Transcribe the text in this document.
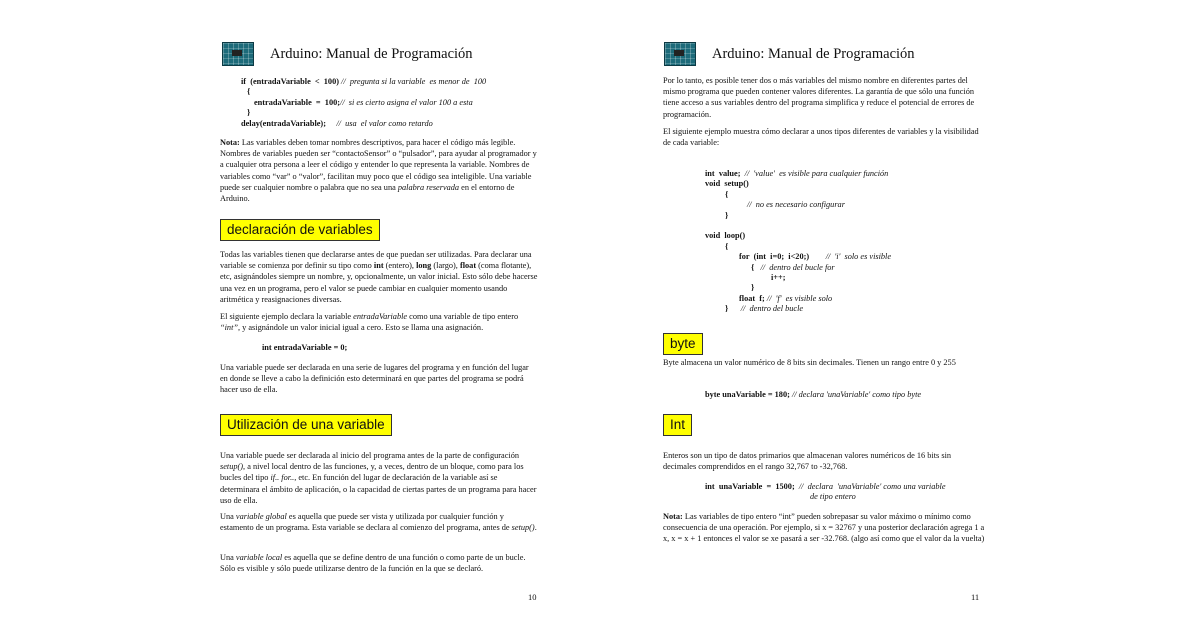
Arduino: Manual de Programación
if  (entradaVariable  <  100) //  pregunta si la variable  es menor de  100
{
entradaVariable  =  100;//  si es cierto asigna el valor 100 a esta
}
delay(entradaVariable);     //  usa  el valor como retardo

Nota: Las variables deben tomar nombres descriptivos, para hacer el código más legible. Nombres de variables pueden ser “contactoSensor” o “pulsador”, para ayudar al programador y a cualquier otra persona a leer el código y entender lo que representa la variable. Nombres de variables como “var” o “valor”, facilitan muy poco que el código sea inteligible. Una variable puede ser cualquier nombre o palabra que no sea una palabra reservada en el entorno de Arduino.

declaración de variables

Todas las variables tienen que declararse antes de que puedan ser utilizadas. Para declarar una variable se comienza por definir su tipo como int (entero), long (largo), float (coma flotante), etc, asignándoles siempre un nombre, y, opcionalmente, un valor inicial. Esto sólo debe hacerse una vez en un programa, pero el valor se puede cambiar en cualquier momento usando aritmética y reasignaciones diversas.

El siguiente ejemplo declara la variable entradaVariable como una variable de tipo entero “int”, y asignándole un valor inicial igual a cero. Esto se llama una asignación.

int entradaVariable = 0;

Una variable puede ser declarada en una serie de lugares del programa y en función del lugar en donde se lleve a cabo la definición esto determinará en que partes del programa se podrá hacer uso de ella.

Utilización de una variable

Una variable puede ser declarada al inicio del programa antes de la parte de configuración setup(), a nivel local dentro de las funciones, y, a veces, dentro de un bloque, como para los bucles del tipo if.. for.., etc. En función del lugar de declaración de la variable así se determinara el ámbito de aplicación, o la capacidad de ciertas partes de un programa para hacer uso de ella.

Una variable global es aquella que puede ser vista y utilizada por cualquier función y estamento de un programa. Esta variable se declara al comienzo del programa, antes de setup().

Una variable local es aquella que se define dentro de una función o como parte de un bucle. Sólo es visible y sólo puede utilizarse dentro de la función en la que se declaró.

10
Arduino: Manual de Programación

Por lo tanto, es posible tener dos o más variables del mismo nombre en diferentes partes del mismo programa que pueden contener valores diferentes. La garantía de que sólo una función tiene acceso a sus variables dentro del programa simplifica y reduce el potencial de errores de programación.

El siguiente ejemplo muestra cómo declarar a unos tipos diferentes de variables y la visibilidad de cada variable:

int  value;  //  'value'  es visible para cualquier función
void  setup()
{
//  no es necesario configurar
}
void  loop()
{
for  (int  i=0;  i<20;)        //  'i'  solo es visible
{   //  dentro del bucle for
i++;
}
float  f; //  'f'  es visible solo
}      //  dentro del bucle
byte

Byte almacena un valor numérico de 8 bits sin decimales. Tienen un rango entre 0 y 255

byte unaVariable = 180; // declara 'unaVariable' como tipo byte
Int

Enteros son un tipo de datos primarios que almacenan valores numéricos de 16 bits sin decimales comprendidos en el rango 32,767 to -32,768.

int  unaVariable  =  1500;  //  declara  'unaVariable' como una variable
de tipo entero

Nota: Las variables de tipo entero “int” pueden sobrepasar su valor máximo o mínimo como consecuencia de una operación. Por ejemplo, si x = 32767 y una posterior declaración agrega 1 a x, x = x + 1 entonces el valor se xe pasará a ser -32.768. (algo así como que el valor da la vuelta)

11
